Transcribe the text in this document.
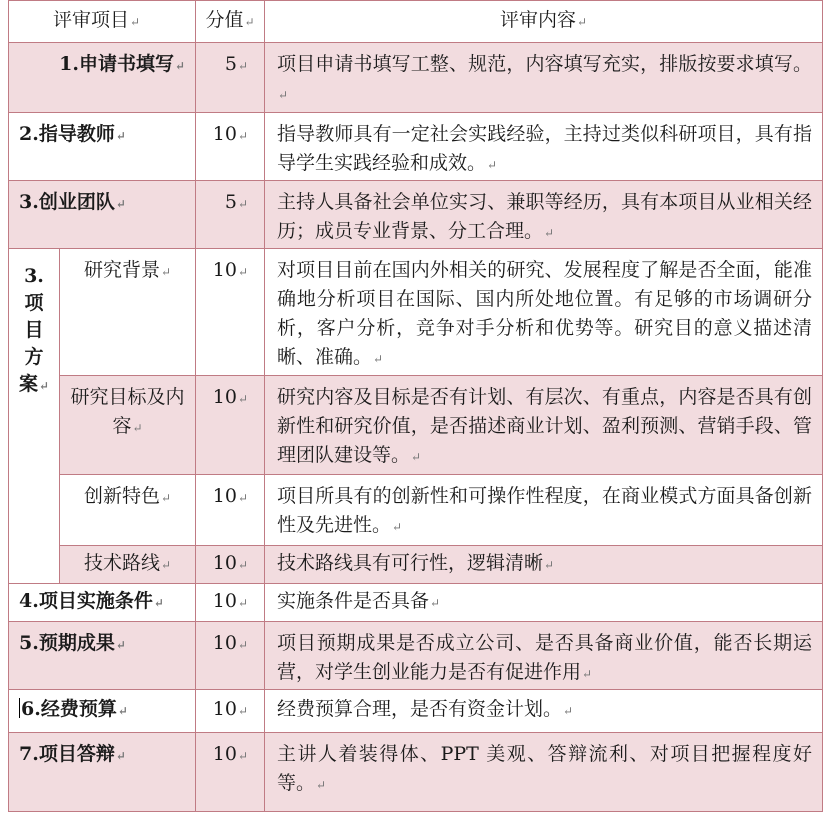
评审项目↵		分值↵	评审内容↵
1.申请书填写↵		5↵	项目申请书填写工整、规范，内容填写充实，排版按要求填写。↵
2.指导教师↵		10↵	指导教师具有一定社会实践经验，主持过类似科研项目，具有指导学生实践经验和成效。↵
3.创业团队↵		5↵	主持人具备社会单位实习、兼职等经历，具有本项目从业相关经历；成员专业背景、分工合理。↵

3.
项
目
方
案↵	研究背景↵	10↵	对项目目前在国内外相关的研究、发展程度了解是否全面，能准确地分析项目在国际、国内所处地位置。有足够的市场调研分析，客户分析，竞争对手分析和优势等。研究目的意义描述清晰、准确。↵
	研究目标及内容↵	10↵	研究内容及目标是否有计划、有层次、有重点，内容是否具有创新性和研究价值，是否描述商业计划、盈利预测、营销手段、管理团队建设等。↵
	创新特色↵	10↵	项目所具有的创新性和可操作性程度，在商业模式方面具备创新性及先进性。↵
	技术路线↵	10↵	技术路线具有可行性，逻辑清晰↵
4.项目实施条件↵		10↵	实施条件是否具备↵
5.预期成果↵		10↵	项目预期成果是否成立公司、是否具备商业价值，能否长期运营，对学生创业能力是否有促进作用↵
6.经费预算↵		10↵	经费预算合理，是否有资金计划。↵
7.项目答辩↵		10↵	主讲人着装得体、PPT 美观、答辩流利、对项目把握程度好等。↵
